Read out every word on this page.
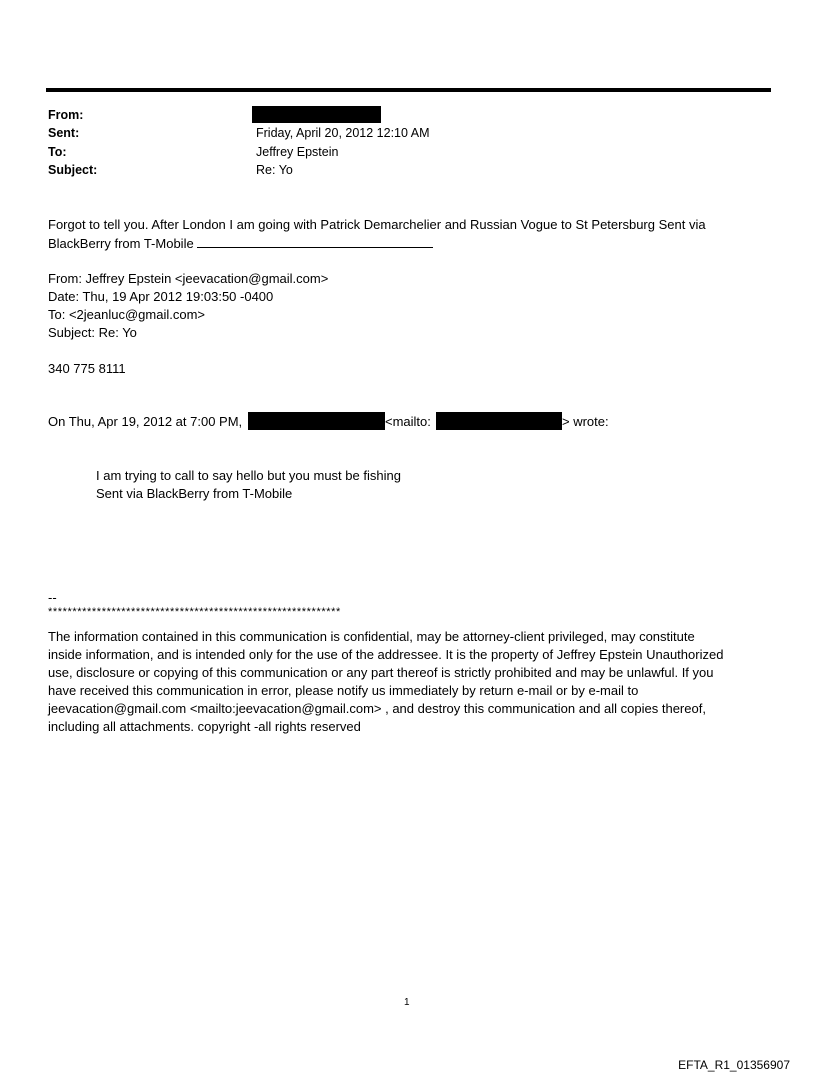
From:
Sent:	Friday, April 20, 2012 12:10 AM
To:	Jeffrey Epstein
Subject:	Re: Yo
Forgot to tell you. After London I am going with Patrick Demarchelier and Russian Vogue to St Petersburg Sent via
BlackBerry from T-Mobile
From: Jeffrey Epstein <jeevacation@gmail.com>
Date: Thu, 19 Apr 2012 19:03:50 -0400
To: <2jeanluc@gmail.com>
Subject: Re: Yo
340 775 8111
On Thu, Apr 19, 2012 at 7:00 PM,	<mailto:	> wrote:
I am trying to call to say hello but you must be fishing
Sent via BlackBerry from T-Mobile
--
************************************************************
The information contained in this communication is confidential, may be attorney-client privileged, may constitute
inside information, and is intended only for the use of the addressee. It is the property of Jeffrey Epstein Unauthorized
use, disclosure or copying of this communication or any part thereof is strictly prohibited and may be unlawful. If you
have received this communication in error, please notify us immediately by return e-mail or by e-mail to
jeevacation@gmail.com <mailto:jeevacation@gmail.com> , and destroy this communication and all copies thereof,
including all attachments. copyright -all rights reserved
1
EFTA_R1_01356907
